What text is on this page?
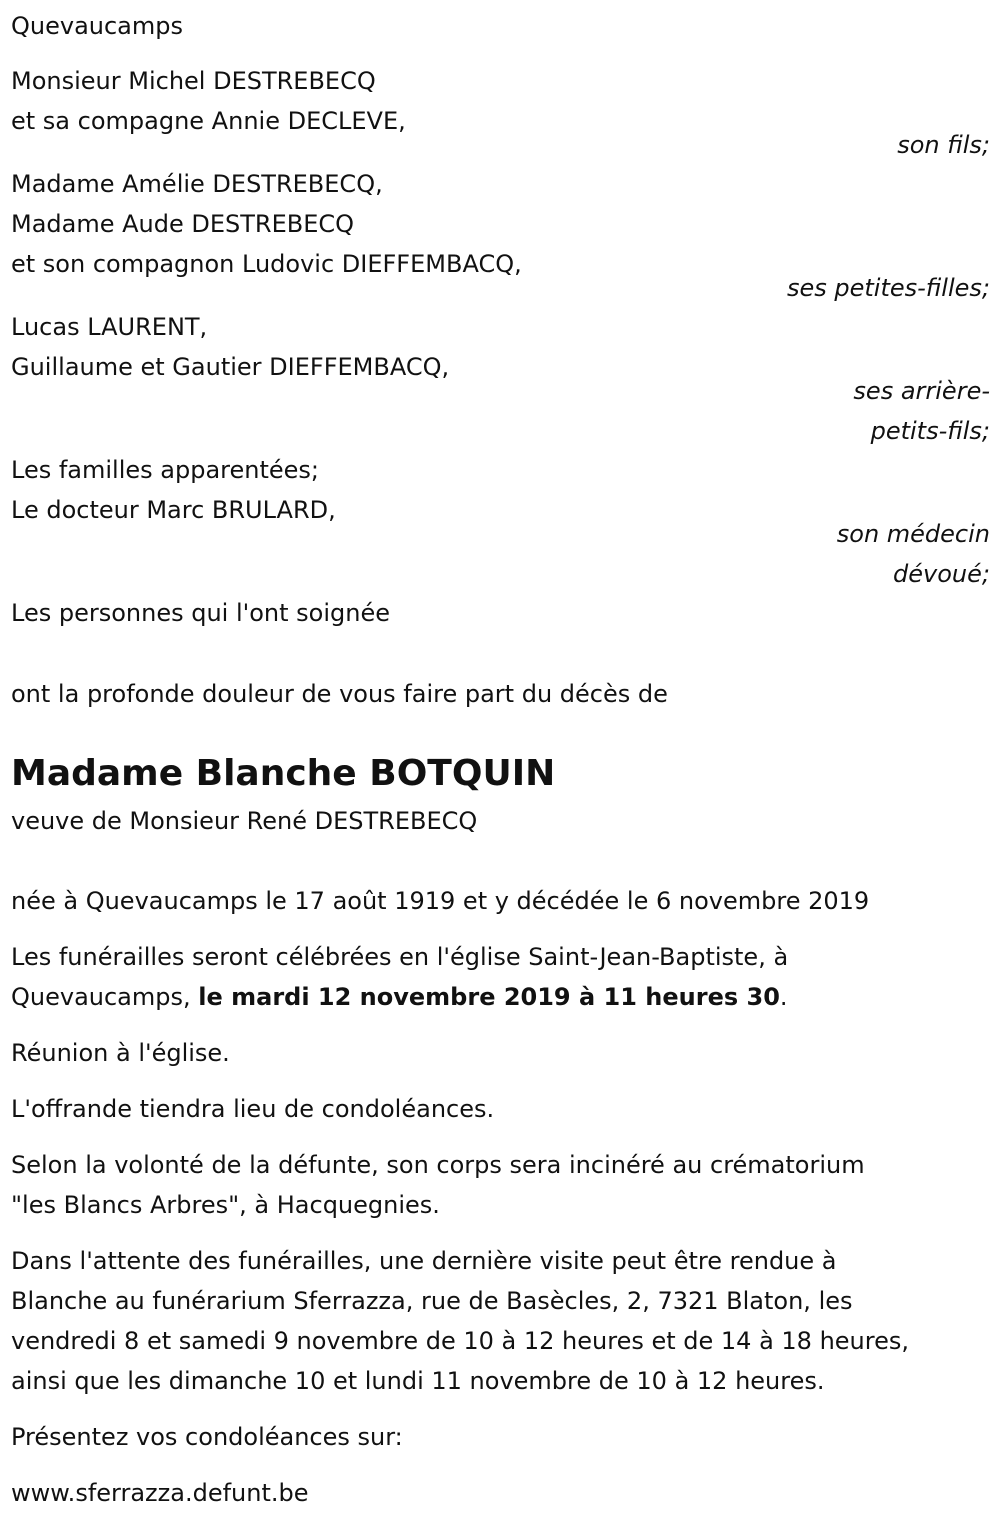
Quevaucamps
Monsieur Michel DESTREBECQ
et sa compagne Annie DECLEVE,
son fils;
Madame Amélie DESTREBECQ,
Madame Aude DESTREBECQ
et son compagnon Ludovic DIEFFEMBACQ,
ses petites-filles;
Lucas LAURENT,
Guillaume et Gautier DIEFFEMBACQ,
ses arrière-
petits-fils;
Les familles apparentées;
Le docteur Marc BRULARD,
son médecin
dévoué;
Les personnes qui l'ont soignée
ont la profonde douleur de vous faire part du décès de
Madame Blanche BOTQUIN
veuve de Monsieur René DESTREBECQ
née à Quevaucamps le 17 août 1919 et y décédée le 6 novembre 2019
Les funérailles seront célébrées en l'église Saint-Jean-Baptiste, à
Quevaucamps, le mardi 12 novembre 2019 à 11 heures 30.
Réunion à l'église.
L'offrande tiendra lieu de condoléances.
Selon la volonté de la défunte, son corps sera incinéré au crématorium
"les Blancs Arbres", à Hacquegnies.
Dans l'attente des funérailles, une dernière visite peut être rendue à
Blanche au funérarium Sferrazza, rue de Basècles, 2, 7321 Blaton, les
vendredi 8 et samedi 9 novembre de 10 à 12 heures et de 14 à 18 heures,
ainsi que les dimanche 10 et lundi 11 novembre de 10 à 12 heures.
Présentez vos condoléances sur:
www.sferrazza.defunt.be
